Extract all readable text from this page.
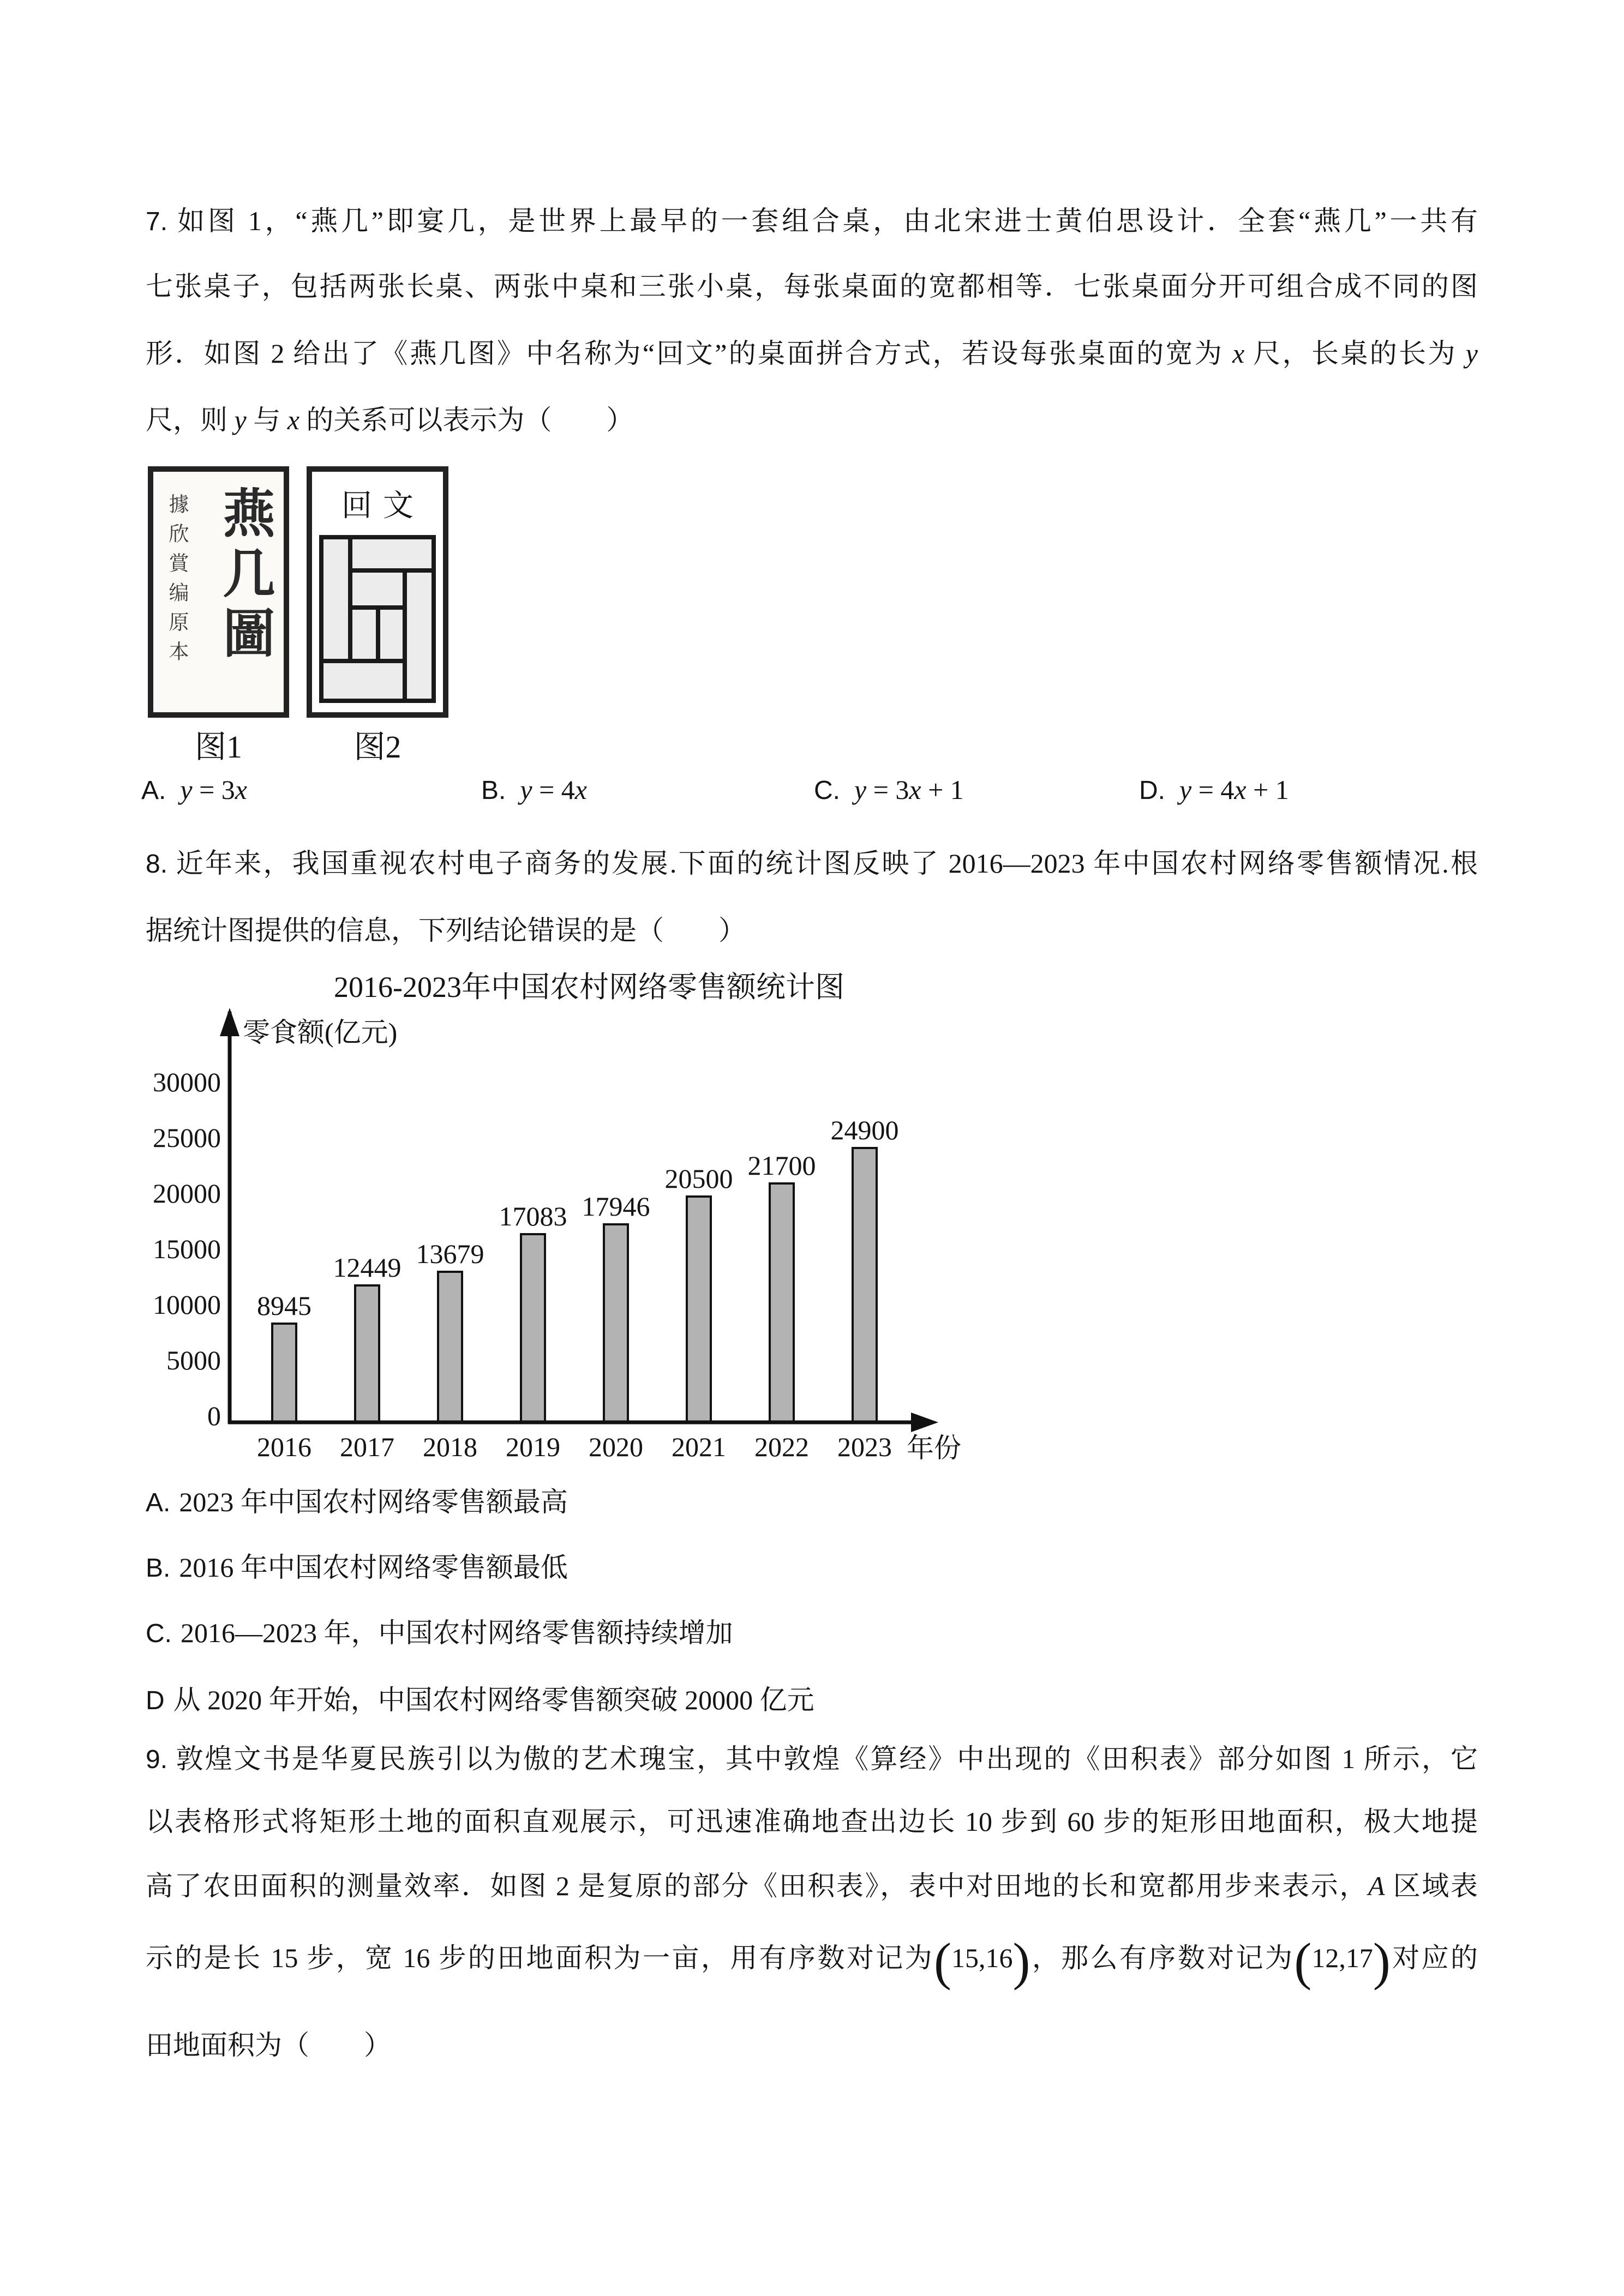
8945
2016
12449
2017
13679
2018
17083
2019
17946
2020
20500
2021
21700
2022
24900
2023
0
5000
10000
15000
20000
25000
30000
2016-2023年中国农村网络零售额统计图
零食额(亿元)
年份
7. 如图 1，“燕几”即宴几，是世界上最早的一套组合桌，由北宋进士黄伯思设计．全套“燕几”一共有
七张桌子，包括两张长桌、两张中桌和三张小桌，每张桌面的宽都相等．七张桌面分开可组合成不同的图
形．如图 2 给出了《燕几图》中名称为“回文”的桌面拼合方式，若设每张桌面的宽为 x 尺，长桌的长为 y
尺，则 y 与 x 的关系可以表示为（　　）
據欣賞编原本 燕几圖	回文
图1	图2
A. y = 3x	B. y = 4x	C. y = 3x + 1	D. y = 4x + 1
8. 近年来，我国重视农村电子商务的发展.下面的统计图反映了 2016—2023 年中国农村网络零售额情况.根
据统计图提供的信息，下列结论错误的是（　　）
A. 2023 年中国农村网络零售额最高
B. 2016 年中国农村网络零售额最低
C. 2016—2023 年，中国农村网络零售额持续增加
D 从 2020 年开始，中国农村网络零售额突破 20000 亿元
9. 敦煌文书是华夏民族引以为傲的艺术瑰宝，其中敦煌《算经》中出现的《田积表》部分如图 1 所示，它
以表格形式将矩形土地的面积直观展示，可迅速准确地查出边长 10 步到 60 步的矩形田地面积，极大地提
高了农田面积的测量效率．如图 2 是复原的部分《田积表》，表中对田地的长和宽都用步来表示，A 区域表
示的是长 15 步，宽 16 步的田地面积为一亩，用有序数对记为(15,16)，那么有序数对记为(12,17)对应的
田地面积为（　　）
